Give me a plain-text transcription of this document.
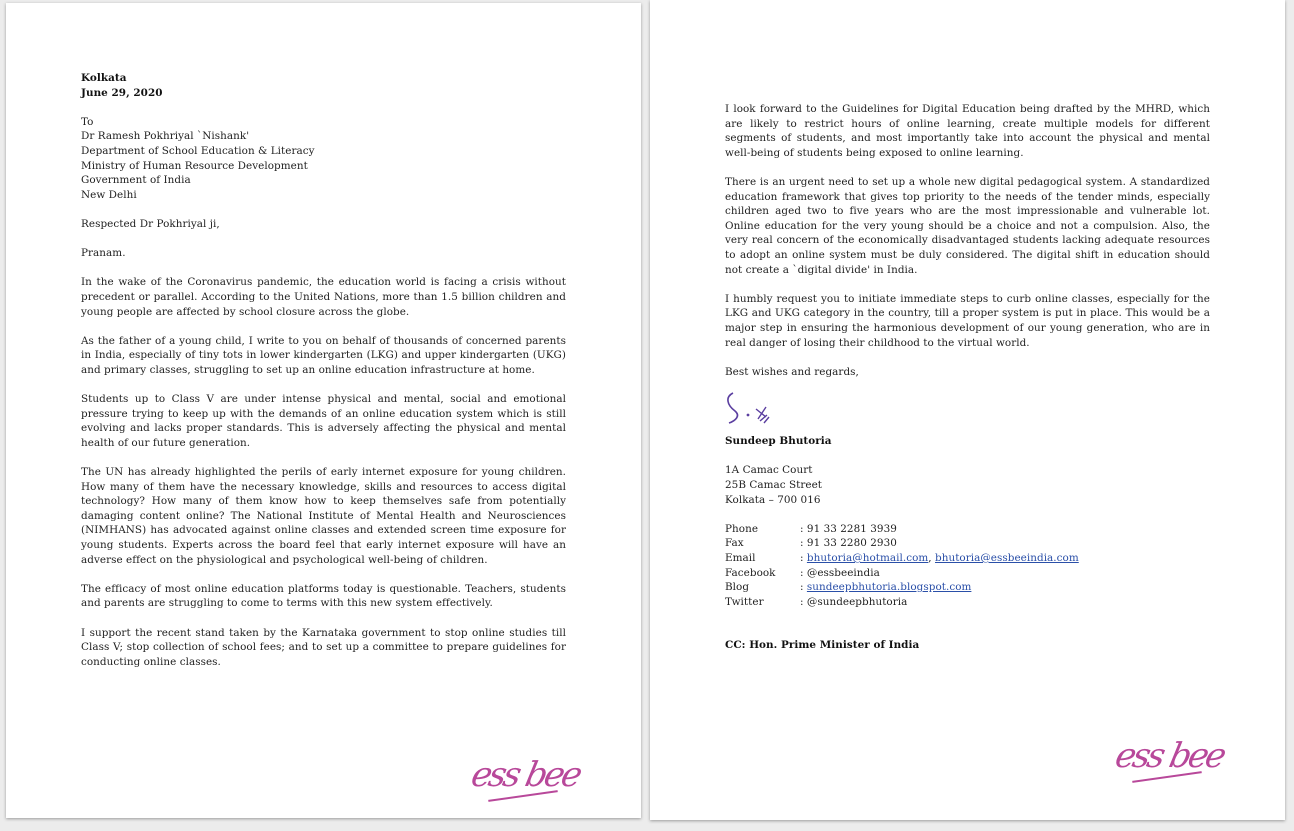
Kolkata
June 29, 2020
To
Dr Ramesh Pokhriyal `Nishank'
Department of School Education & Literacy
Ministry of Human Resource Development
Government of India
New Delhi
Respected Dr Pokhriyal ji,
Pranam.

In the wake of the Coronavirus pandemic, the education world is facing a crisis without precedent or parallel. According to the United Nations, more than 1.5 billion children and young people are affected by school closure across the globe.

As the father of a young child, I write to you on behalf of thousands of concerned parents in India, especially of tiny tots in lower kindergarten (LKG) and upper kindergarten (UKG) and primary classes, struggling to set up an online education infrastructure at home.

Students up to Class V are under intense physical and mental, social and emotional pressure trying to keep up with the demands of an online education system which is still evolving and lacks proper standards. This is adversely affecting the physical and mental health of our future generation.

The UN has already highlighted the perils of early internet exposure for young children. How many of them have the necessary knowledge, skills and resources to access digital technology? How many of them know how to keep themselves safe from potentially damaging content online? The National Institute of Mental Health and Neurosciences (NIMHANS) has advocated against online classes and extended screen time exposure for young students. Experts across the board feel that early internet exposure will have an adverse effect on the physiological and psychological well-being of children.

The efficacy of most online education platforms today is questionable. Teachers, students and parents are struggling to come to terms with this new system effectively.

I support the recent stand taken by the Karnataka government to stop online studies till Class V; stop collection of school fees; and to set up a committee to prepare guidelines for conducting online classes.

ess bee

I look forward to the Guidelines for Digital Education being drafted by the MHRD, which are likely to restrict hours of online learning, create multiple models for different segments of students, and most importantly take into account the physical and mental well-being of students being exposed to online learning.

There is an urgent need to set up a whole new digital pedagogical system. A standardized education framework that gives top priority to the needs of the tender minds, especially children aged two to five years who are the most impressionable and vulnerable lot. Online education for the very young should be a choice and not a compulsion. Also, the very real concern of the economically disadvantaged students lacking adequate resources to adopt an online system must be duly considered. The digital shift in education should not create a `digital divide' in India.

I humbly request you to initiate immediate steps to curb online classes, especially for the LKG and UKG category in the country, till a proper system is put in place. This would be a major step in ensuring the harmonious development of our young generation, who are in real danger of losing their childhood to the virtual world.

Best wishes and regards,
Sundeep Bhutoria
1A Camac Court
25B Camac Street
Kolkata – 700 016
Phone	: 91 33 2281 3939
Fax	: 91 33 2280 2930
Email	: bhutoria@hotmail.com , bhutoria@essbeeindia.com
Facebook	: @essbeeindia
Blog	: sundeepbhutoria.blogspot.com
Twitter	: @sundeepbhutoria
CC: Hon. Prime Minister of India
ess bee
